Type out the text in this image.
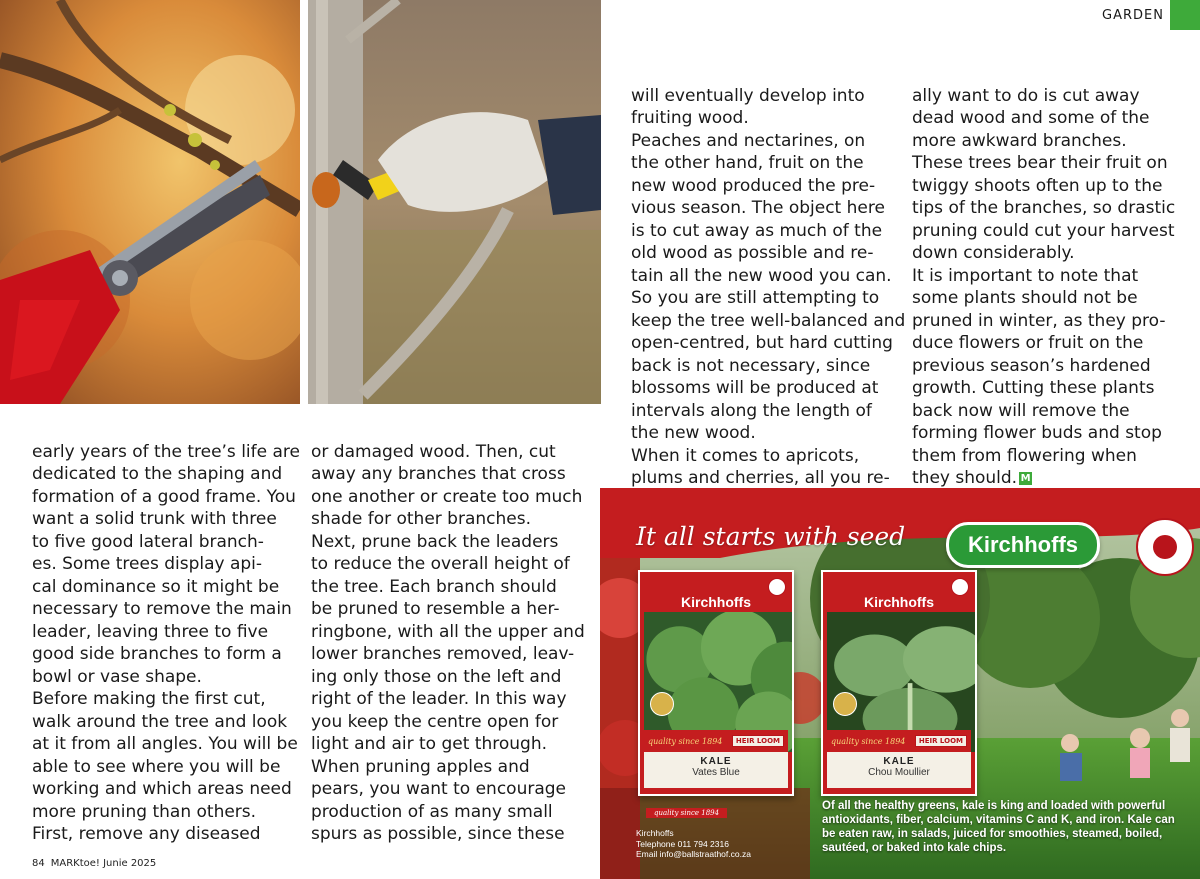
GARDEN

early years of the tree’s life are
dedicated to the shaping and
formation of a good frame. You
want a solid trunk with three
to five good lateral branch-
es. Some trees display api-
cal dominance so it might be
necessary to remove the main
leader, leaving three to five
good side branches to form a
bowl or vase shape.
Before making the first cut,
walk around the tree and look
at it from all angles. You will be
able to see where you will be
working and which areas need
more pruning than others.
First, remove any diseased

or damaged wood. Then, cut
away any branches that cross
one another or create too much
shade for other branches.
Next, prune back the leaders
to reduce the overall height of
the tree. Each branch should
be pruned to resemble a her-
ringbone, with all the upper and
lower branches removed, leav-
ing only those on the left and
right of the leader. In this way
you keep the centre open for
light and air to get through.
When pruning apples and
pears, you want to encourage
production of as many small
spurs as possible, since these

will eventually develop into
fruiting wood.
Peaches and nectarines, on
the other hand, fruit on the
new wood produced the pre-
vious season. The object here
is to cut away as much of the
old wood as possible and re-
tain all the new wood you can.
So you are still attempting to
keep the tree well-balanced and
open-centred, but hard cutting
back is not necessary, since
blossoms will be produced at
intervals along the length of
the new wood.
When it comes to apricots,
plums and cherries, all you re-

ally want to do is cut away
dead wood and some of the
more awkward branches.
These trees bear their fruit on
twiggy shoots often up to the
tips of the branches, so drastic
pruning could cut your harvest
down considerably.
It is important to note that
some plants should not be
pruned in winter, as they pro-
duce flowers or fruit on the
previous season’s hardened
growth. Cutting these plants
back now will remove the
forming flower buds and stop
them from flowering when
they should. M

84 MARKtoe! Junie 2025
It all starts with seed	Kirchhoffs
Kirchhoffs
quality since 1894	HEIR LOOM
KALE
Vates Blue
Kirchhoffs
quality since 1894	HEIR LOOM
KALE
Chou Moullier
quality since 1894
Kirchhoffs
Telephone 011 794 2316
Email info@ballstraathof.co.za
Of all the healthy greens, kale is king and loaded with powerful antioxidants, fiber, calcium, vitamins C and K, and iron. Kale can be eaten raw, in salads, juiced for smoothies, steamed, boiled, sautéed, or baked into kale chips.
